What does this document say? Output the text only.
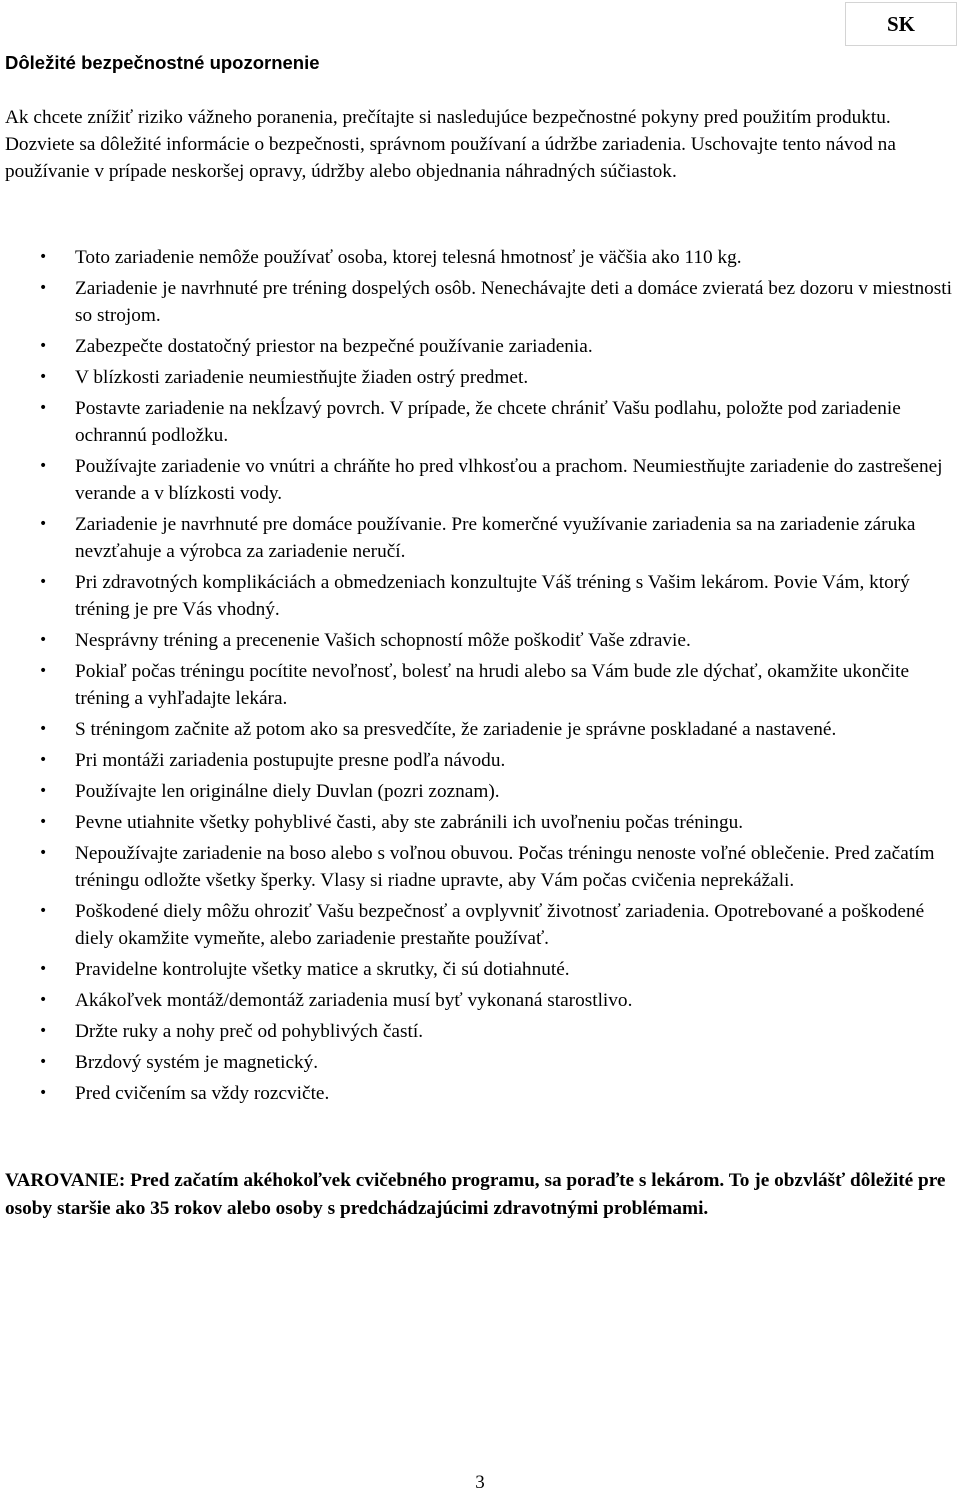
SK
Dôležité bezpečnostné upozornenie

Ak chcete znížiť riziko vážneho poranenia, prečítajte si nasledujúce bezpečnostné pokyny pred použitím produktu. Dozviete sa dôležité informácie o bezpečnosti, správnom používaní a údržbe zariadenia. Uschovajte tento návod na používanie v prípade neskoršej opravy, údržby alebo objednania náhradných súčiastok.

• Toto zariadenie nemôže používať osoba, ktorej telesná hmotnosť je väčšia ako 110 kg.
• Zariadenie je navrhnuté pre tréning dospelých osôb. Nenechávajte deti a domáce zvieratá bez dozoru v miestnosti so strojom.
• Zabezpečte dostatočný priestor na bezpečné používanie zariadenia.
• V blízkosti zariadenie neumiestňujte žiaden ostrý predmet.
• Postavte zariadenie na nekĺzavý povrch. V prípade, že chcete chrániť Vašu podlahu, položte pod zariadenie ochrannú podložku.
• Používajte zariadenie vo vnútri a chráňte ho pred vlhkosťou a prachom. Neumiestňujte zariadenie do zastrešenej verande a v blízkosti vody.
• Zariadenie je navrhnuté pre domáce používanie. Pre komerčné využívanie zariadenia sa na zariadenie záruka nevzťahuje a výrobca za zariadenie neručí.
• Pri zdravotných komplikáciách a obmedzeniach konzultujte Váš tréning s Vašim lekárom. Povie Vám, ktorý tréning je pre Vás vhodný.
• Nesprávny tréning a precenenie Vašich schopností môže poškodiť Vaše zdravie.
• Pokiaľ počas tréningu pocítite nevoľnosť, bolesť na hrudi alebo sa Vám bude zle dýchať, okamžite ukončite tréning a vyhľadajte lekára.
• S tréningom začnite až potom ako sa presvedčíte, že zariadenie je správne poskladané a nastavené.
• Pri montáži zariadenia postupujte presne podľa návodu.
• Používajte len originálne diely Duvlan (pozri zoznam).
• Pevne utiahnite všetky pohyblivé časti, aby ste zabránili ich uvoľneniu počas tréningu.
• Nepoužívajte zariadenie na boso alebo s voľnou obuvou. Počas tréningu nenoste voľné oblečenie. Pred začatím tréningu odložte všetky šperky. Vlasy si riadne upravte, aby Vám počas cvičenia neprekážali.
• Poškodené diely môžu ohroziť Vašu bezpečnosť a ovplyvniť životnosť zariadenia. Opotrebované a poškodené diely okamžite vymeňte, alebo zariadenie prestaňte používať.
• Pravidelne kontrolujte všetky matice a skrutky, či sú dotiahnuté.
• Akákoľvek montáž/demontáž zariadenia musí byť vykonaná starostlivo.
• Držte ruky a nohy preč od pohyblivých častí.
• Brzdový systém je magnetický.
• Pred cvičením sa vždy rozcvičte.

VAROVANIE: Pred začatím akéhokoľvek cvičebného programu, sa poraďte s lekárom. To je obzvlášť dôležité pre osoby staršie ako 35 rokov alebo osoby s predchádzajúcimi zdravotnými problémami.

3
